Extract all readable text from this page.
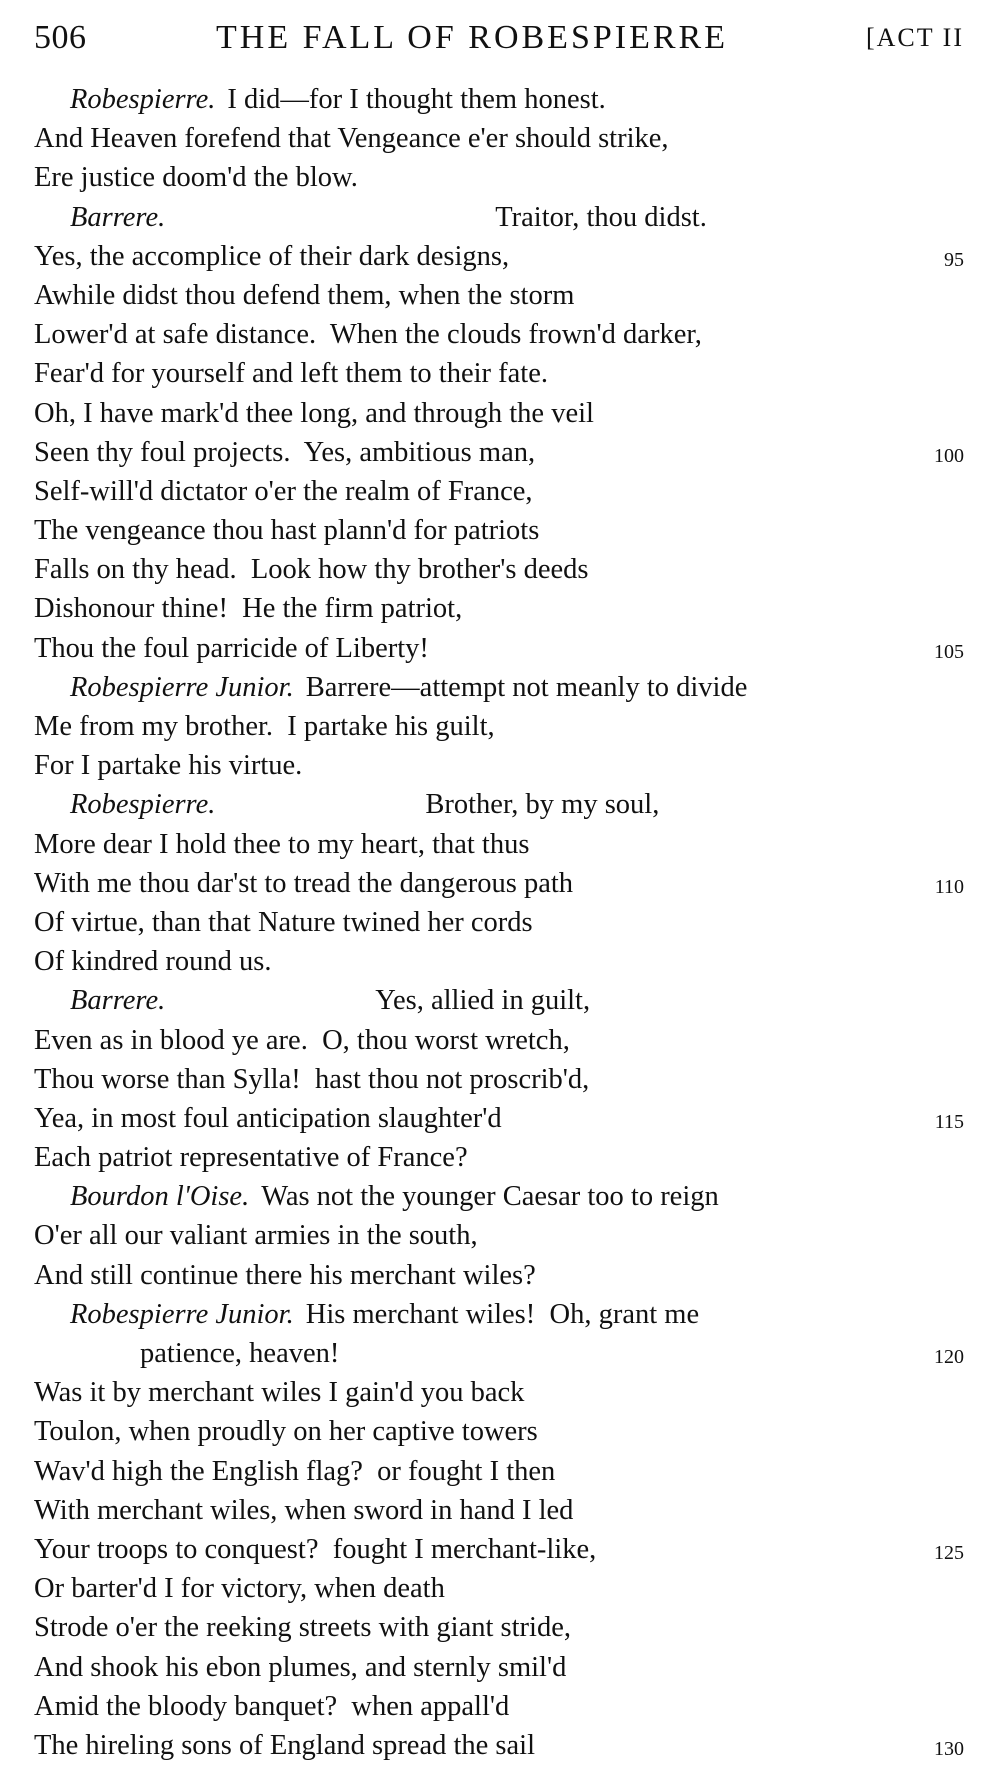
506	THE FALL OF ROBESPIERRE	[ACT II
Robespierre. I did—for I thought them honest.
And Heaven forefend that Vengeance e'er should strike,
Ere justice doom'd the blow.
Barrere.	Traitor, thou didst.
Yes, the accomplice of their dark designs,	95
Awhile didst thou defend them, when the storm
Lower'd at safe distance.  When the clouds frown'd darker,
Fear'd for yourself and left them to their fate.
Oh, I have mark'd thee long, and through the veil
Seen thy foul projects.  Yes, ambitious man,	100
Self-will'd dictator o'er the realm of France,
The vengeance thou hast plann'd for patriots
Falls on thy head.  Look how thy brother's deeds
Dishonour thine!  He the firm patriot,
Thou the foul parricide of Liberty!	105
Robespierre Junior. Barrere—attempt not meanly to divide
Me from my brother.  I partake his guilt,
For I partake his virtue.
Robespierre.	Brother, by my soul,
More dear I hold thee to my heart, that thus
With me thou dar'st to tread the dangerous path	110
Of virtue, than that Nature twined her cords
Of kindred round us.
Barrere.	Yes, allied in guilt,
Even as in blood ye are.  O, thou worst wretch,
Thou worse than Sylla!  hast thou not proscrib'd,
Yea, in most foul anticipation slaughter'd	115
Each patriot representative of France?
Bourdon l'Oise. Was not the younger Caesar too to reign
O'er all our valiant armies in the south,
And still continue there his merchant wiles?
Robespierre Junior. His merchant wiles!  Oh, grant me
patience, heaven!	120
Was it by merchant wiles I gain'd you back
Toulon, when proudly on her captive towers
Wav'd high the English flag?  or fought I then
With merchant wiles, when sword in hand I led
Your troops to conquest?  fought I merchant-like,	125
Or barter'd I for victory, when death
Strode o'er the reeking streets with giant stride,
And shook his ebon plumes, and sternly smil'd
Amid the bloody banquet?  when appall'd
The hireling sons of England spread the sail	130
